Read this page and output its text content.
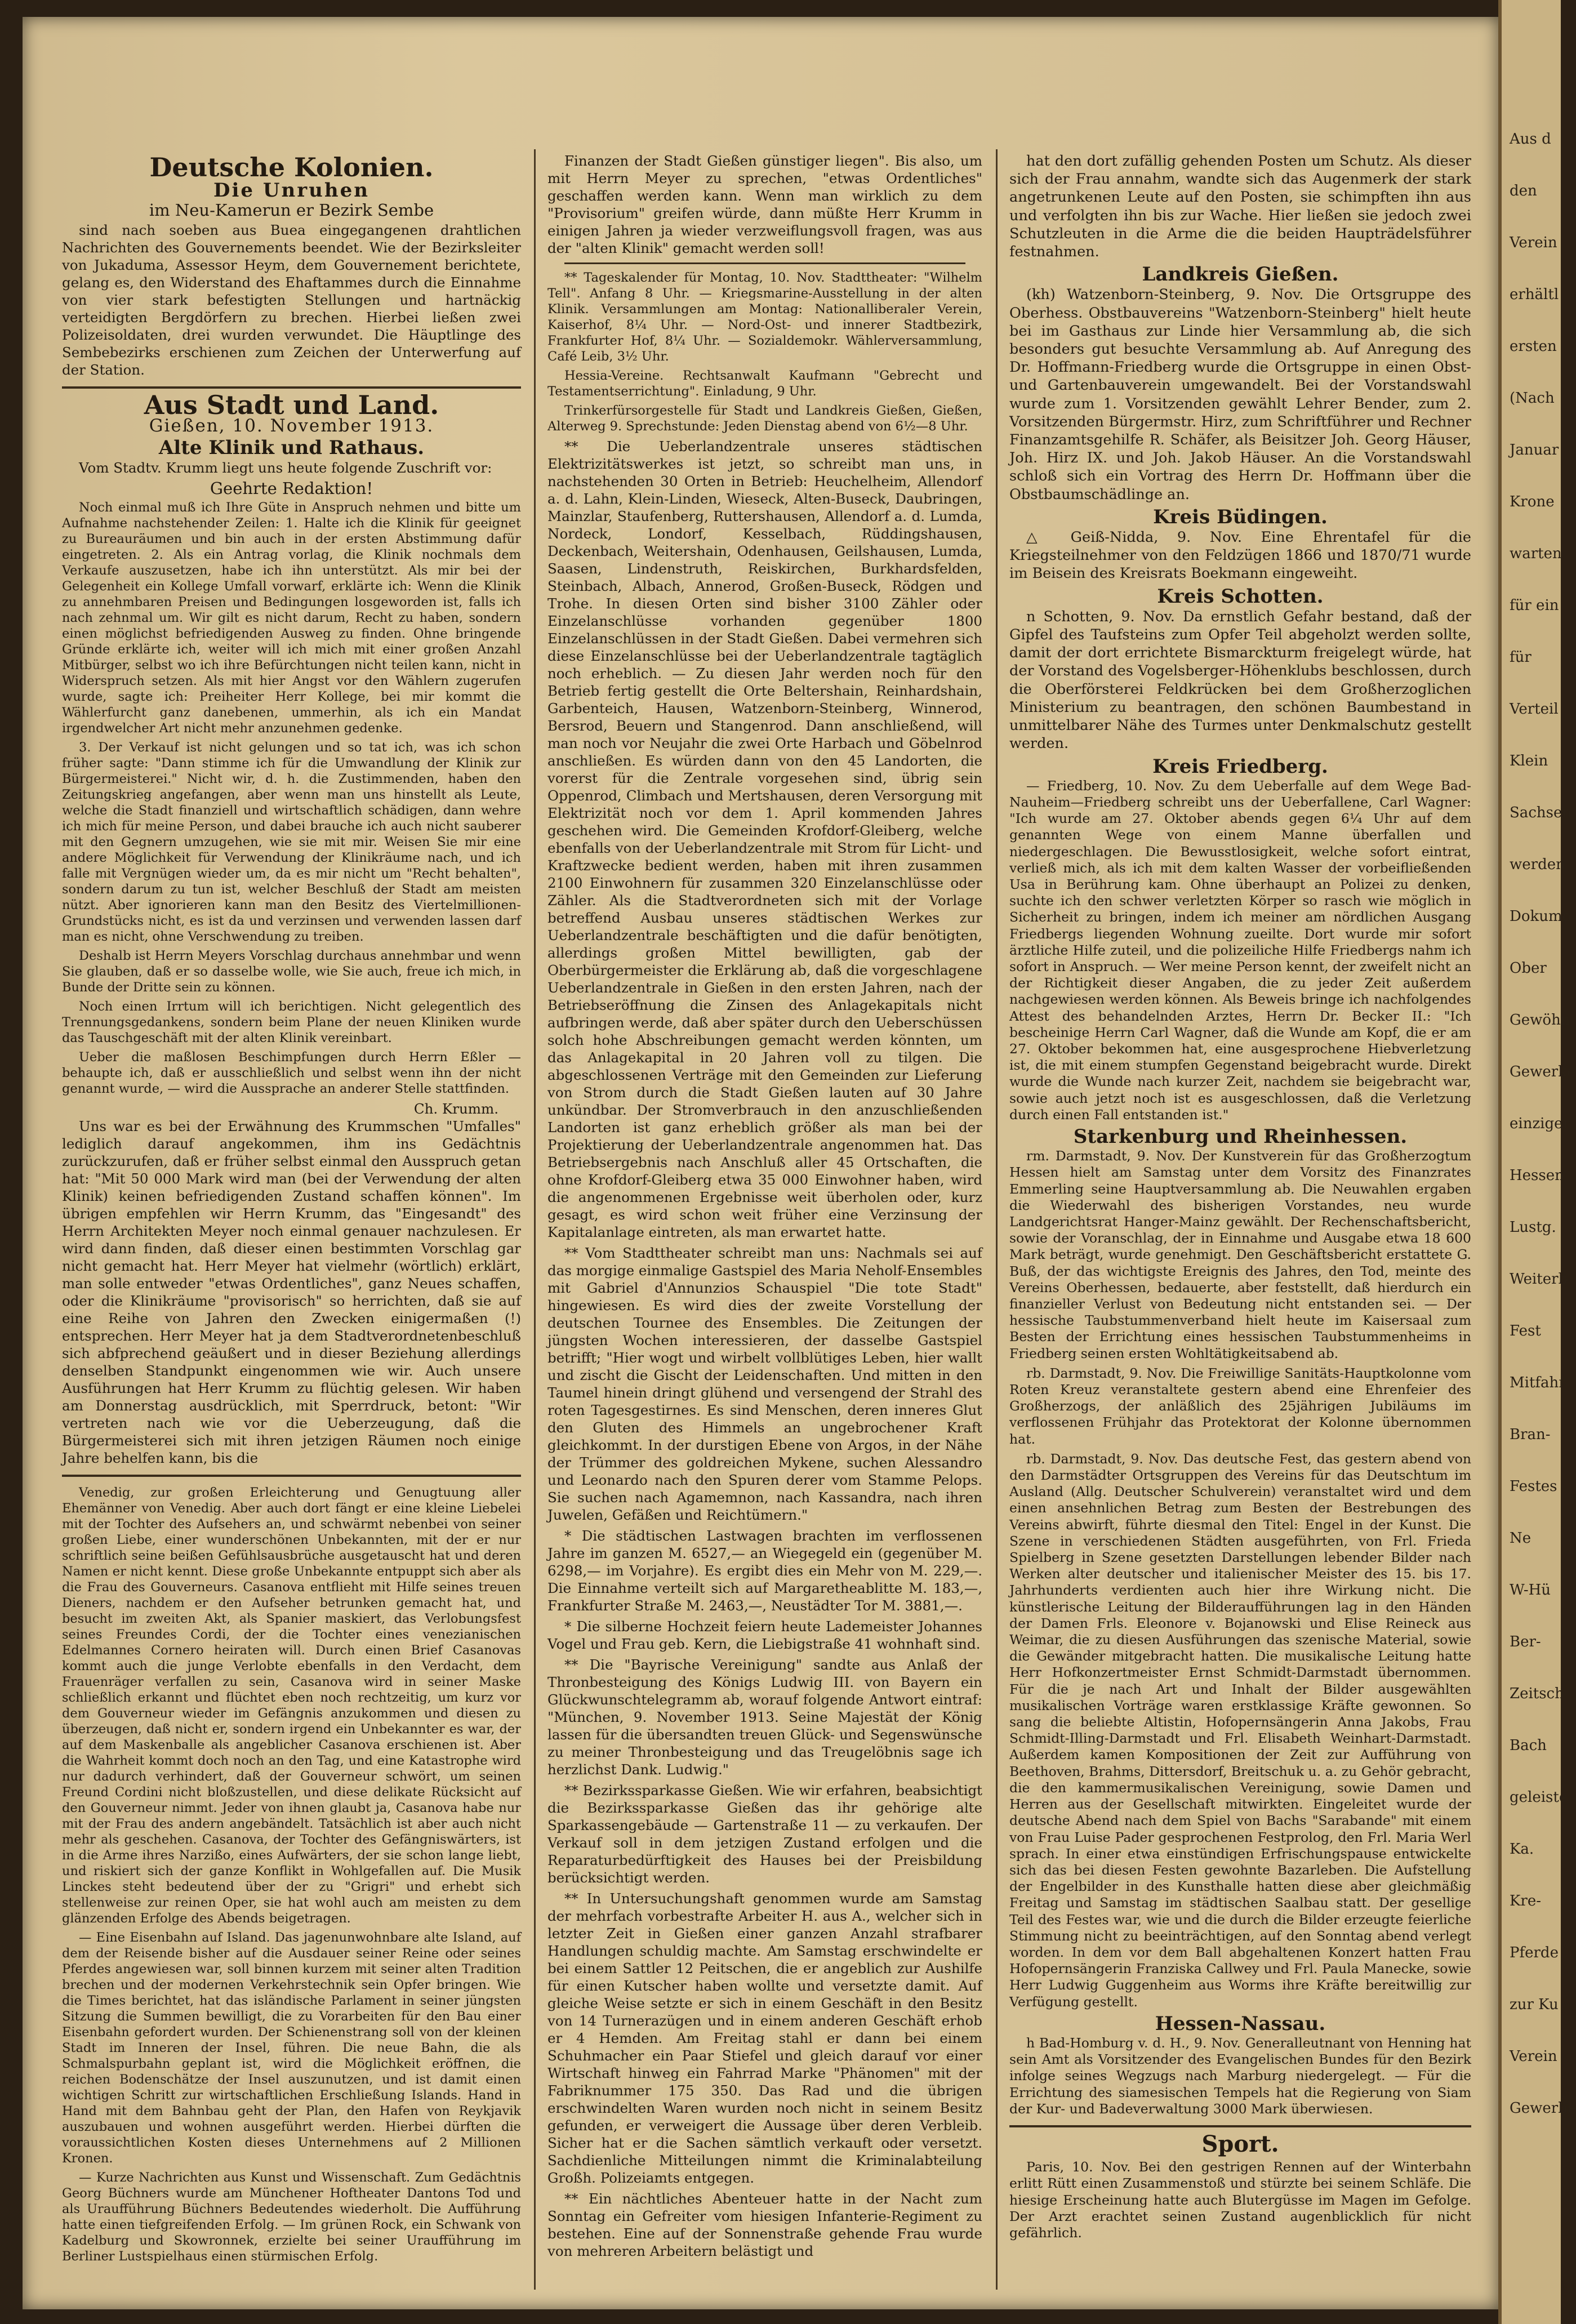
Deutsche Kolonien.
Die Unruhen
im Neu-Kamerun er Bezirk Sembe

sind nach soeben aus Buea eingegangenen drahtlichen Nachrichten des Gouvernements beendet. Wie der Bezirksleiter von Jukaduma, Assessor Heym, dem Gouvernement berichtete, gelang es, den Widerstand des Ehaftammes durch die Einnahme von vier stark befestigten Stellungen und hartnäckig verteidigten Bergdörfern zu brechen. Hierbei ließen zwei Polizeisoldaten, drei wurden verwundet. Die Häuptlinge des Sembebezirks erschienen zum Zeichen der Unterwerfung auf der Station.

Aus Stadt und Land.
Gießen, 10. November 1913.
Alte Klinik und Rathaus.

Vom Stadtv. Krumm liegt uns heute folgende Zuschrift vor:

Geehrte Redaktion!

Noch einmal muß ich Ihre Güte in Anspruch nehmen und bitte um Aufnahme nachstehender Zeilen: 1. Halte ich die Klinik für geeignet zu Bureauräumen und bin auch in der ersten Abstimmung dafür eingetreten. 2. Als ein Antrag vorlag, die Klinik nochmals dem Verkaufe auszusetzen, habe ich ihn unterstützt. Als mir bei der Gelegenheit ein Kollege Umfall vorwarf, erklärte ich: Wenn die Klinik zu annehmbaren Preisen und Bedingungen losgeworden ist, falls ich nach zehnmal um. Wir gilt es nicht darum, Recht zu haben, sondern einen möglichst befriedigenden Ausweg zu finden. Ohne bringende Gründe erklärte ich, weiter will ich mich mit einer großen Anzahl Mitbürger, selbst wo ich ihre Befürchtungen nicht teilen kann, nicht in Widerspruch setzen. Als mit hier Angst vor den Wählern zugerufen wurde, sagte ich: Preiheiter Herr Kollege, bei mir kommt die Wählerfurcht ganz danebenen, ummerhin, als ich ein Mandat irgendwelcher Art nicht mehr anzunehmen gedenke.

3. Der Verkauf ist nicht gelungen und so tat ich, was ich schon früher sagte: "Dann stimme ich für die Umwandlung der Klinik zur Bürgermeisterei." Nicht wir, d. h. die Zustimmenden, haben den Zeitungskrieg angefangen, aber wenn man uns hinstellt als Leute, welche die Stadt finanziell und wirtschaftlich schädigen, dann wehre ich mich für meine Person, und dabei brauche ich auch nicht sauberer mit den Gegnern umzugehen, wie sie mit mir. Weisen Sie mir eine andere Möglichkeit für Verwendung der Klinikräume nach, und ich falle mit Vergnügen wieder um, da es mir nicht um "Recht behalten", sondern darum zu tun ist, welcher Beschluß der Stadt am meisten nützt. Aber ignorieren kann man den Besitz des Viertelmillionen-Grundstücks nicht, es ist da und verzinsen und verwenden lassen darf man es nicht, ohne Verschwendung zu treiben.

Deshalb ist Herrn Meyers Vorschlag durchaus annehmbar und wenn Sie glauben, daß er so dasselbe wolle, wie Sie auch, freue ich mich, in Bunde der Dritte sein zu können.

Noch einen Irrtum will ich berichtigen. Nicht gelegentlich des Trennungsgedankens, sondern beim Plane der neuen Kliniken wurde das Tauschgeschäft mit der alten Klinik vereinbart.

Ueber die maßlosen Beschimpfungen durch Herrn Eßler — behaupte ich, daß er ausschließlich und selbst wenn ihn der nicht genannt wurde, — wird die Aussprache an anderer Stelle stattfinden.

Ch. Krumm.

Uns war es bei der Erwähnung des Krummschen "Umfalles" lediglich darauf angekommen, ihm ins Gedächtnis zurückzurufen, daß er früher selbst einmal den Ausspruch getan hat: "Mit 50 000 Mark wird man (bei der Verwendung der alten Klinik) keinen befriedigenden Zustand schaffen können". Im übrigen empfehlen wir Herrn Krumm, das "Eingesandt" des Herrn Architekten Meyer noch einmal genauer nachzulesen. Er wird dann finden, daß dieser einen bestimmten Vorschlag gar nicht gemacht hat. Herr Meyer hat vielmehr (wörtlich) erklärt, man solle entweder "etwas Ordentliches", ganz Neues schaffen, oder die Klinikräume "provisorisch" so herrichten, daß sie auf eine Reihe von Jahren den Zwecken einigermaßen (!) entsprechen. Herr Meyer hat ja dem Stadtverordnetenbeschluß sich abfprechend geäußert und in dieser Beziehung allerdings denselben Standpunkt eingenommen wie wir. Auch unsere Ausführungen hat Herr Krumm zu flüchtig gelesen. Wir haben am Donnerstag ausdrücklich, mit Sperrdruck, betont: "Wir vertreten nach wie vor die Ueberzeugung, daß die Bürgermeisterei sich mit ihren jetzigen Räumen noch einige Jahre behelfen kann, bis die

Venedig, zur großen Erleichterung und Genugtuung aller Ehemänner von Venedig. Aber auch dort fängt er eine kleine Liebelei mit der Tochter des Aufsehers an, und schwärmt nebenbei von seiner großen Liebe, einer wunderschönen Unbekannten, mit der er nur schriftlich seine beißen Gefühlsausbrüche ausgetauscht hat und deren Namen er nicht kennt. Diese große Unbekannte entpuppt sich aber als die Frau des Gouverneurs. Casanova entflieht mit Hilfe seines treuen Dieners, nachdem er den Aufseher betrunken gemacht hat, und besucht im zweiten Akt, als Spanier maskiert, das Verlobungsfest seines Freundes Cordi, der die Tochter eines venezianischen Edelmannes Cornero heiraten will. Durch einen Brief Casanovas kommt auch die junge Verlobte ebenfalls in den Verdacht, dem Frauenräger verfallen zu sein, Casanova wird in seiner Maske schließlich erkannt und flüchtet eben noch rechtzeitig, um kurz vor dem Gouverneur wieder im Gefängnis anzukommen und diesen zu überzeugen, daß nicht er, sondern irgend ein Unbekannter es war, der auf dem Maskenballe als angeblicher Casanova erschienen ist. Aber die Wahrheit kommt doch noch an den Tag, und eine Katastrophe wird nur dadurch verhindert, daß der Gouverneur schwört, um seinen Freund Cordini nicht bloßzustellen, und diese delikate Rücksicht auf den Gouverneur nimmt. Jeder von ihnen glaubt ja, Casanova habe nur mit der Frau des andern angebändelt. Tatsächlich ist aber auch nicht mehr als geschehen. Casanova, der Tochter des Gefängniswärters, ist in die Arme ihres Narzißo, eines Aufwärters, der sie schon lange liebt, und riskiert sich der ganze Konflikt in Wohlgefallen auf. Die Musik Linckes steht bedeutend über der zu "Grigri" und erhebt sich stellenweise zur reinen Oper, sie hat wohl auch am meisten zu dem glänzenden Erfolge des Abends beigetragen.

— Eine Eisenbahn auf Island. Das jagenunwohnbare alte Island, auf dem der Reisende bisher auf die Ausdauer seiner Reine oder seines Pferdes angewiesen war, soll binnen kurzem mit seiner alten Tradition brechen und der modernen Verkehrstechnik sein Opfer bringen. Wie die Times berichtet, hat das isländische Parlament in seiner jüngsten Sitzung die Summen bewilligt, die zu Vorarbeiten für den Bau einer Eisenbahn gefordert wurden. Der Schienenstrang soll von der kleinen Stadt im Inneren der Insel, führen. Die neue Bahn, die als Schmalspurbahn geplant ist, wird die Möglichkeit eröffnen, die reichen Bodenschätze der Insel auszunutzen, und ist damit einen wichtigen Schritt zur wirtschaftlichen Erschließung Islands. Hand in Hand mit dem Bahnbau geht der Plan, den Hafen von Reykjavik auszubauen und wohnen ausgeführt werden. Hierbei dürften die voraussichtlichen Kosten dieses Unternehmens auf 2 Millionen Kronen.

— Kurze Nachrichten aus Kunst und Wissenschaft. Zum Gedächtnis Georg Büchners wurde am Münchener Hoftheater Dantons Tod und als Uraufführung Büchners Bedeutendes wiederholt. Die Aufführung hatte einen tiefgreifenden Erfolg. — Im grünen Rock, ein Schwank von Kadelburg und Skowronnek, erzielte bei seiner Uraufführung im Berliner Lustspielhaus einen stürmischen Erfolg.

Finanzen der Stadt Gießen günstiger liegen". Bis also, um mit Herrn Meyer zu sprechen, "etwas Ordentliches" geschaffen werden kann. Wenn man wirklich zu dem "Provisorium" greifen würde, dann müßte Herr Krumm in einigen Jahren ja wieder verzweiflungsvoll fragen, was aus der "alten Klinik" gemacht werden soll!

** Tageskalender für Montag, 10. Nov. Stadttheater: "Wilhelm Tell". Anfang 8 Uhr. — Kriegsmarine-Ausstellung in der alten Klinik. Versammlungen am Montag: Nationalliberaler Verein, Kaiserhof, 8¼ Uhr. — Nord-Ost- und innerer Stadtbezirk, Frankfurter Hof, 8¼ Uhr. — Sozialdemokr. Wählerversammlung, Café Leib, 3½ Uhr.

Hessia-Vereine. Rechtsanwalt Kaufmann "Gebrecht und Testamentserrichtung". Einladung, 9 Uhr.

Trinkerfürsorgestelle für Stadt und Landkreis Gießen, Gießen, Alterweg 9. Sprechstunde: Jeden Dienstag abend von 6½—8 Uhr.

** Die Ueberlandzentrale unseres städtischen Elektrizitätswerkes ist jetzt, so schreibt man uns, in nachstehenden 30 Orten in Betrieb: Heuchelheim, Allendorf a. d. Lahn, Klein-Linden, Wieseck, Alten-Buseck, Daubringen, Mainzlar, Staufenberg, Ruttershausen, Allendorf a. d. Lumda, Nordeck, Londorf, Kesselbach, Rüddingshausen, Deckenbach, Weitershain, Odenhausen, Geilshausen, Lumda, Saasen, Lindenstruth, Reiskirchen, Burkhardsfelden, Steinbach, Albach, Annerod, Großen-Buseck, Rödgen und Trohe. In diesen Orten sind bisher 3100 Zähler oder Einzelanschlüsse vorhanden gegenüber 1800 Einzelanschlüssen in der Stadt Gießen. Dabei vermehren sich diese Einzelanschlüsse bei der Ueberlandzentrale tagtäglich noch erheblich. — Zu diesen Jahr werden noch für den Betrieb fertig gestellt die Orte Beltershain, Reinhardshain, Garbenteich, Hausen, Watzenborn-Steinberg, Winnerod, Bersrod, Beuern und Stangenrod. Dann anschließend, will man noch vor Neujahr die zwei Orte Harbach und Göbelnrod anschließen. Es würden dann von den 45 Landorten, die vorerst für die Zentrale vorgesehen sind, übrig sein Oppenrod, Climbach und Mertshausen, deren Versorgung mit Elektrizität noch vor dem 1. April kommenden Jahres geschehen wird. Die Gemeinden Krofdorf-Gleiberg, welche ebenfalls von der Ueberlandzentrale mit Strom für Licht- und Kraftzwecke bedient werden, haben mit ihren zusammen 2100 Einwohnern für zusammen 320 Einzelanschlüsse oder Zähler. Als die Stadtverordneten sich mit der Vorlage betreffend Ausbau unseres städtischen Werkes zur Ueberlandzentrale beschäftigten und die dafür benötigten, allerdings großen Mittel bewilligten, gab der Oberbürgermeister die Erklärung ab, daß die vorgeschlagene Ueberlandzentrale in Gießen in den ersten Jahren, nach der Betriebseröffnung die Zinsen des Anlagekapitals nicht aufbringen werde, daß aber später durch den Ueberschüssen solch hohe Abschreibungen gemacht werden könnten, um das Anlagekapital in 20 Jahren voll zu tilgen. Die abgeschlossenen Verträge mit den Gemeinden zur Lieferung von Strom durch die Stadt Gießen lauten auf 30 Jahre unkündbar. Der Stromverbrauch in den anzuschließenden Landorten ist ganz erheblich größer als man bei der Projektierung der Ueberlandzentrale angenommen hat. Das Betriebsergebnis nach Anschluß aller 45 Ortschaften, die ohne Krofdorf-Gleiberg etwa 35 000 Einwohner haben, wird die angenommenen Ergebnisse weit überholen oder, kurz gesagt, es wird schon weit früher eine Verzinsung der Kapitalanlage eintreten, als man erwartet hatte.

** Vom Stadttheater schreibt man uns: Nachmals sei auf das morgige einmalige Gastspiel des Maria Neholf-Ensembles mit Gabriel d'Annunzios Schauspiel "Die tote Stadt" hingewiesen. Es wird dies der zweite Vorstellung der deutschen Tournee des Ensembles. Die Zeitungen der jüngsten Wochen interessieren, der dasselbe Gastspiel betrifft; "Hier wogt und wirbelt vollblütiges Leben, hier wallt und zischt die Gischt der Leidenschaften. Und mitten in den Taumel hinein dringt glühend und versengend der Strahl des roten Tagesgestirnes. Es sind Menschen, deren inneres Glut den Gluten des Himmels an ungebrochener Kraft gleichkommt. In der durstigen Ebene von Argos, in der Nähe der Trümmer des goldreichen Mykene, suchen Alessandro und Leonardo nach den Spuren derer vom Stamme Pelops. Sie suchen nach Agamemnon, nach Kassandra, nach ihren Juwelen, Gefäßen und Reichtümern."

* Die städtischen Lastwagen brachten im verflossenen Jahre im ganzen M. 6527,— an Wiegegeld ein (gegenüber M. 6298,— im Vorjahre). Es ergibt dies ein Mehr von M. 229,—. Die Einnahme verteilt sich auf Margaretheablitte M. 183,—, Frankfurter Straße M. 2463,—, Neustädter Tor M. 3881,—.

* Die silberne Hochzeit feiern heute Lademeister Johannes Vogel und Frau geb. Kern, die Liebigstraße 41 wohnhaft sind.

** Die "Bayrische Vereinigung" sandte aus Anlaß der Thronbesteigung des Königs Ludwig III. von Bayern ein Glückwunschtelegramm ab, worauf folgende Antwort eintraf: "München, 9. November 1913. Seine Majestät der König lassen für die übersandten treuen Glück- und Segenswünsche zu meiner Thronbesteigung und das Treugelöbnis sage ich herzlichst Dank. Ludwig."

** Bezirkssparkasse Gießen. Wie wir erfahren, beabsichtigt die Bezirkssparkasse Gießen das ihr gehörige alte Sparkassengebäude — Gartenstraße 11 — zu verkaufen. Der Verkauf soll in dem jetzigen Zustand erfolgen und die Reparaturbedürftigkeit des Hauses bei der Preisbildung berücksichtigt werden.

** In Untersuchungshaft genommen wurde am Samstag der mehrfach vorbestrafte Arbeiter H. aus A., welcher sich in letzter Zeit in Gießen einer ganzen Anzahl strafbarer Handlungen schuldig machte. Am Samstag erschwindelte er bei einem Sattler 12 Peitschen, die er angeblich zur Aushilfe für einen Kutscher haben wollte und versetzte damit. Auf gleiche Weise setzte er sich in einem Geschäft in den Besitz von 14 Turnerazügen und in einem anderen Geschäft erhob er 4 Hemden. Am Freitag stahl er dann bei einem Schuhmacher ein Paar Stiefel und gleich darauf vor einer Wirtschaft hinweg ein Fahrrad Marke "Phänomen" mit der Fabriknummer 175 350. Das Rad und die übrigen erschwindelten Waren wurden noch nicht in seinem Besitz gefunden, er verweigert die Aussage über deren Verbleib. Sicher hat er die Sachen sämtlich verkauft oder versetzt. Sachdienliche Mitteilungen nimmt die Kriminalabteilung Großh. Polizeiamts entgegen.

** Ein nächtliches Abenteuer hatte in der Nacht zum Sonntag ein Gefreiter vom hiesigen Infanterie-Regiment zu bestehen. Eine auf der Sonnenstraße gehende Frau wurde von mehreren Arbeitern belästigt und

hat den dort zufällig gehenden Posten um Schutz. Als dieser sich der Frau annahm, wandte sich das Augenmerk der stark angetrunkenen Leute auf den Posten, sie schimpften ihn aus und verfolgten ihn bis zur Wache. Hier ließen sie jedoch zwei Schutzleuten in die Arme die die beiden Haupträdelsführer festnahmen.

Landkreis Gießen.

(kh) Watzenborn-Steinberg, 9. Nov. Die Ortsgruppe des Oberhess. Obstbauvereins "Watzenborn-Steinberg" hielt heute bei im Gasthaus zur Linde hier Versammlung ab, die sich besonders gut besuchte Versammlung ab. Auf Anregung des Dr. Hoffmann-Friedberg wurde die Ortsgruppe in einen Obst- und Gartenbauverein umgewandelt. Bei der Vorstandswahl wurde zum 1. Vorsitzenden gewählt Lehrer Bender, zum 2. Vorsitzenden Bürgermstr. Hirz, zum Schriftführer und Rechner Finanzamtsgehilfe R. Schäfer, als Beisitzer Joh. Georg Häuser, Joh. Hirz IX. und Joh. Jakob Häuser. An die Vorstandswahl schloß sich ein Vortrag des Herrn Dr. Hoffmann über die Obstbaumschädlinge an.

Kreis Büdingen.

△ Geiß-Nidda, 9. Nov. Eine Ehrentafel für die Kriegsteilnehmer von den Feldzügen 1866 und 1870/71 wurde im Beisein des Kreisrats Boekmann eingeweiht.

Kreis Schotten.

n Schotten, 9. Nov. Da ernstlich Gefahr bestand, daß der Gipfel des Taufsteins zum Opfer Teil abgeholzt werden sollte, damit der dort errichtete Bismarckturm freigelegt würde, hat der Vorstand des Vogelsberger-Höhenklubs beschlossen, durch die Oberförsterei Feldkrücken bei dem Großherzoglichen Ministerium zu beantragen, den schönen Baumbestand in unmittelbarer Nähe des Turmes unter Denkmalschutz gestellt werden.

Kreis Friedberg.

— Friedberg, 10. Nov. Zu dem Ueberfalle auf dem Wege Bad-Nauheim—Friedberg schreibt uns der Ueberfallene, Carl Wagner: "Ich wurde am 27. Oktober abends gegen 6¼ Uhr auf dem genannten Wege von einem Manne überfallen und niedergeschlagen. Die Bewusstlosigkeit, welche sofort eintrat, verließ mich, als ich mit dem kalten Wasser der vorbeifließenden Usa in Berührung kam. Ohne überhaupt an Polizei zu denken, suchte ich den schwer verletzten Körper so rasch wie möglich in Sicherheit zu bringen, indem ich meiner am nördlichen Ausgang Friedbergs liegenden Wohnung zueilte. Dort wurde mir sofort ärztliche Hilfe zuteil, und die polizeiliche Hilfe Friedbergs nahm ich sofort in Anspruch. — Wer meine Person kennt, der zweifelt nicht an der Richtigkeit dieser Angaben, die zu jeder Zeit außerdem nachgewiesen werden können. Als Beweis bringe ich nachfolgendes Attest des behandelnden Arztes, Herrn Dr. Becker II.: "Ich bescheinige Herrn Carl Wagner, daß die Wunde am Kopf, die er am 27. Oktober bekommen hat, eine ausgesprochene Hiebverletzung ist, die mit einem stumpfen Gegenstand beigebracht wurde. Direkt wurde die Wunde nach kurzer Zeit, nachdem sie beigebracht war, sowie auch jetzt noch ist es ausgeschlossen, daß die Verletzung durch einen Fall entstanden ist."

Starkenburg und Rheinhessen.

rm. Darmstadt, 9. Nov. Der Kunstverein für das Großherzogtum Hessen hielt am Samstag unter dem Vorsitz des Finanzrates Emmerling seine Hauptversammlung ab. Die Neuwahlen ergaben die Wiederwahl des bisherigen Vorstandes, neu wurde Landgerichtsrat Hanger-Mainz gewählt. Der Rechenschaftsbericht, sowie der Voranschlag, der in Einnahme und Ausgabe etwa 18 600 Mark beträgt, wurde genehmigt. Den Geschäftsbericht erstattete G. Buß, der das wichtigste Ereignis des Jahres, den Tod, meinte des Vereins Oberhessen, bedauerte, aber feststellt, daß hierdurch ein finanzieller Verlust von Bedeutung nicht entstanden sei. — Der hessische Taubstummenverband hielt heute im Kaisersaal zum Besten der Errichtung eines hessischen Taubstummenheims in Friedberg seinen ersten Wohltätigkeitsabend ab.

rb. Darmstadt, 9. Nov. Die Freiwillige Sanitäts-Hauptkolonne vom Roten Kreuz veranstaltete gestern abend eine Ehrenfeier des Großherzogs, der anläßlich des 25jährigen Jubiläums im verflossenen Frühjahr das Protektorat der Kolonne übernommen hat.

rb. Darmstadt, 9. Nov. Das deutsche Fest, das gestern abend von den Darmstädter Ortsgruppen des Vereins für das Deutschtum im Ausland (Allg. Deutscher Schulverein) veranstaltet wird und dem einen ansehnlichen Betrag zum Besten der Bestrebungen des Vereins abwirft, führte diesmal den Titel: Engel in der Kunst. Die Szene in verschiedenen Städten ausgeführten, von Frl. Frieda Spielberg in Szene gesetzten Darstellungen lebender Bilder nach Werken alter deutscher und italienischer Meister des 15. bis 17. Jahrhunderts verdienten auch hier ihre Wirkung nicht. Die künstlerische Leitung der Bilderaufführungen lag in den Händen der Damen Frls. Eleonore v. Bojanowski und Elise Reineck aus Weimar, die zu diesen Ausführungen das szenische Material, sowie die Gewänder mitgebracht hatten. Die musikalische Leitung hatte Herr Hofkonzertmeister Ernst Schmidt-Darmstadt übernommen. Für die je nach Art und Inhalt der Bilder ausgewählten musikalischen Vorträge waren erstklassige Kräfte gewonnen. So sang die beliebte Altistin, Hofopernsängerin Anna Jakobs, Frau Schmidt-Illing-Darmstadt und Frl. Elisabeth Weinhart-Darmstadt. Außerdem kamen Kompositionen der Zeit zur Aufführung von Beethoven, Brahms, Dittersdorf, Breitschuk u. a. zu Gehör gebracht, die den kammermusikalischen Vereinigung, sowie Damen und Herren aus der Gesellschaft mitwirkten. Eingeleitet wurde der deutsche Abend nach dem Spiel von Bachs "Sarabande" mit einem von Frau Luise Pader gesprochenen Festprolog, den Frl. Maria Werl sprach. In einer etwa einstündigen Erfrischungspause entwickelte sich das bei diesen Festen gewohnte Bazarleben. Die Aufstellung der Engelbilder in des Kunsthalle hatten diese aber gleichmäßig Freitag und Samstag im städtischen Saalbau statt. Der gesellige Teil des Festes war, wie und die durch die Bilder erzeugte feierliche Stimmung nicht zu beeinträchtigen, auf den Sonntag abend verlegt worden. In dem vor dem Ball abgehaltenen Konzert hatten Frau Hofopernsängerin Franziska Callwey und Frl. Paula Manecke, sowie Herr Ludwig Guggenheim aus Worms ihre Kräfte bereitwillig zur Verfügung gestellt.

Hessen-Nassau.

h Bad-Homburg v. d. H., 9. Nov. Generalleutnant von Henning hat sein Amt als Vorsitzender des Evangelischen Bundes für den Bezirk infolge seines Wegzugs nach Marburg niedergelegt. — Für die Errichtung des siamesischen Tempels hat die Regierung von Siam der Kur- und Badeverwaltung 3000 Mark überwiesen.

Sport.

Paris, 10. Nov. Bei den gestrigen Rennen auf der Winterbahn erlitt Rütt einen Zusammenstoß und stürzte bei seinem Schläfe. Die hiesige Erscheinung hatte auch Blutergüsse im Magen im Gefolge. Der Arzt erachtet seinen Zustand augenblicklich für nicht gefährlich.

Aus d
den
Verein
erhältl
ersten
(Nach
Januar
Krone
warten
für ein
für
Verteil
Klein
Sachsen
werden
Dokumo
Ober
Gewöhn
Gewerke
einziger
Hessen
Lustg.
Weiterb
Fest
Mitfahr
Bran-
Festes
Ne
W-Hü
Ber-
Zeitsch
Bach
geleiste
Ka.
Kre-
Pferde
zur Ku
Verein
Gewerbe
